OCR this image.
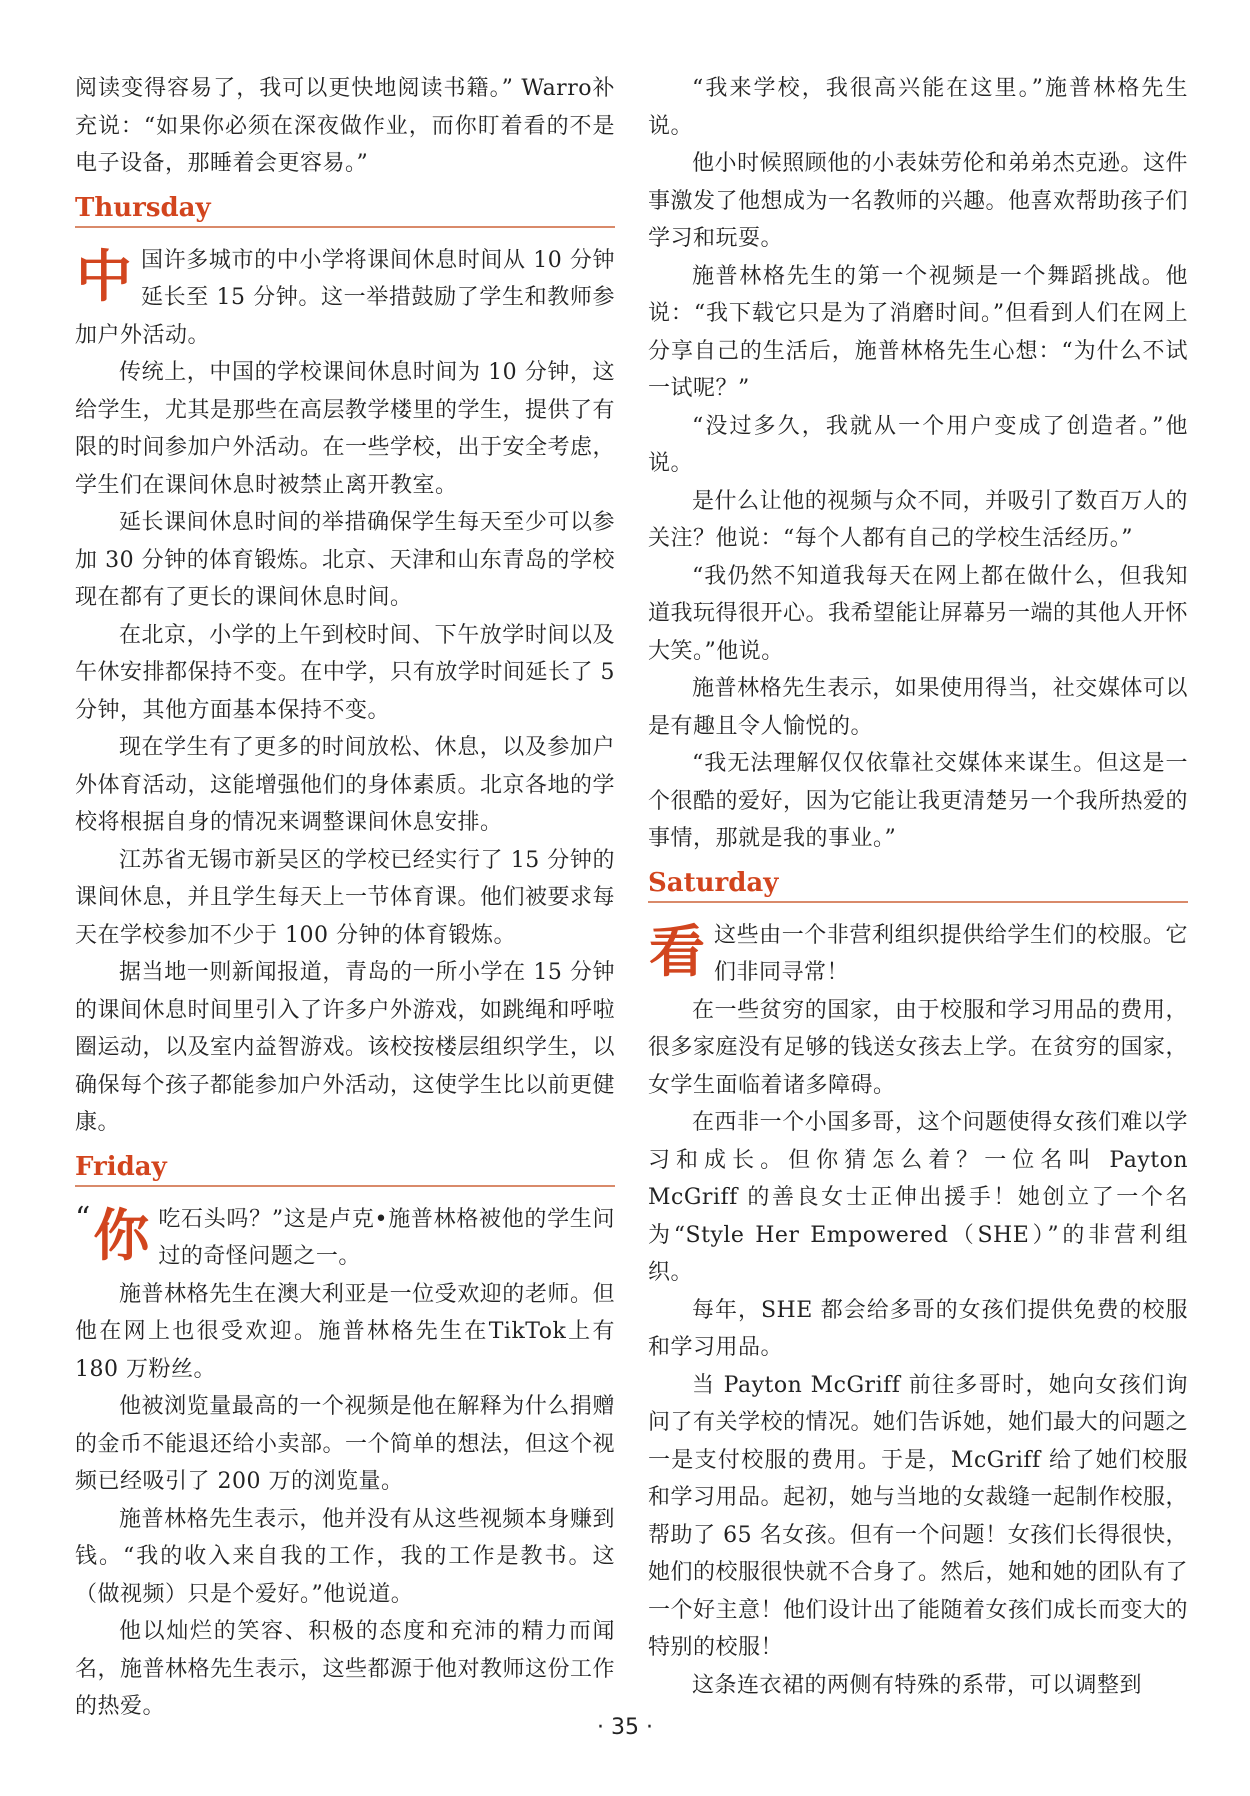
阅读变得容易了，我可以更快地阅读书籍。” Warro补充说：“如果你必须在深夜做作业，而你盯着看的不是电子设备，那睡着会更容易。”

Thursday
中 国许多城市的中小学将课间休息时间从 10 分钟延长至 15 分钟。这一举措鼓励了学生和教师参加户外活动。

传统上，中国的学校课间休息时间为 10 分钟，这给学生，尤其是那些在高层教学楼里的学生，提供了有限的时间参加户外活动。在一些学校，出于安全考虑，学生们在课间休息时被禁止离开教室。

延长课间休息时间的举措确保学生每天至少可以参加 30 分钟的体育锻炼。北京、天津和山东青岛的学校现在都有了更长的课间休息时间。

在北京，小学的上午到校时间、下午放学时间以及午休安排都保持不变。在中学，只有放学时间延长了 5 分钟，其他方面基本保持不变。

现在学生有了更多的时间放松、休息，以及参加户外体育活动，这能增强他们的身体素质。北京各地的学校将根据自身的情况来调整课间休息安排。

江苏省无锡市新吴区的学校已经实行了 15 分钟的课间休息，并且学生每天上一节体育课。他们被要求每天在学校参加不少于 100 分钟的体育锻炼。

据当地一则新闻报道，青岛的一所小学在 15 分钟的课间休息时间里引入了许多户外游戏，如跳绳和呼啦圈运动，以及室内益智游戏。该校按楼层组织学生，以确保每个孩子都能参加户外活动，这使学生比以前更健康。

Friday
“ 你 吃石头吗？”这是卢克•施普林格被他的学生问过的奇怪问题之一。

施普林格先生在澳大利亚是一位受欢迎的老师。但他在网上也很受欢迎。施普林格先生在TikTok上有 180 万粉丝。

他被浏览量最高的一个视频是他在解释为什么捐赠的金币不能退还给小卖部。一个简单的想法，但这个视频已经吸引了 200 万的浏览量。

施普林格先生表示，他并没有从这些视频本身赚到钱。“我的收入来自我的工作，我的工作是教书。这（做视频）只是个爱好。”他说道。

他以灿烂的笑容、积极的态度和充沛的精力而闻名，施普林格先生表示，这些都源于他对教师这份工作的热爱。

“我来学校，我很高兴能在这里。”施普林格先生说。

他小时候照顾他的小表妹劳伦和弟弟杰克逊。这件事激发了他想成为一名教师的兴趣。他喜欢帮助孩子们学习和玩耍。

施普林格先生的第一个视频是一个舞蹈挑战。他说：“我下载它只是为了消磨时间。”但看到人们在网上分享自己的生活后，施普林格先生心想：“为什么不试一试呢？”

“没过多久，我就从一个用户变成了创造者。”他说。

是什么让他的视频与众不同，并吸引了数百万人的关注？他说：“每个人都有自己的学校生活经历。”

“我仍然不知道我每天在网上都在做什么，但我知道我玩得很开心。我希望能让屏幕另一端的其他人开怀大笑。”他说。

施普林格先生表示，如果使用得当，社交媒体可以是有趣且令人愉悦的。

“我无法理解仅仅依靠社交媒体来谋生。但这是一个很酷的爱好，因为它能让我更清楚另一个我所热爱的事情，那就是我的事业。”

Saturday
看 这些由一个非营利组织提供给学生们的校服。它们非同寻常！

在一些贫穷的国家，由于校服和学习用品的费用，很多家庭没有足够的钱送女孩去上学。在贫穷的国家，女学生面临着诸多障碍。

在西非一个小国多哥，这个问题使得女孩们难以学习和成长。但你猜怎么着？一位名叫 Payton McGriff 的善良女士正伸出援手！她创立了一个名为“Style Her Empowered（SHE）”的非营利组织。

每年，SHE 都会给多哥的女孩们提供免费的校服和学习用品。

当 Payton McGriff 前往多哥时，她向女孩们询问了有关学校的情况。她们告诉她，她们最大的问题之一是支付校服的费用。于是，McGriff 给了她们校服和学习用品。起初，她与当地的女裁缝一起制作校服，帮助了 65 名女孩。但有一个问题！女孩们长得很快，她们的校服很快就不合身了。然后，她和她的团队有了一个好主意！他们设计出了能随着女孩们成长而变大的特别的校服！

这条连衣裙的两侧有特殊的系带，可以调整到

· 35 ·
